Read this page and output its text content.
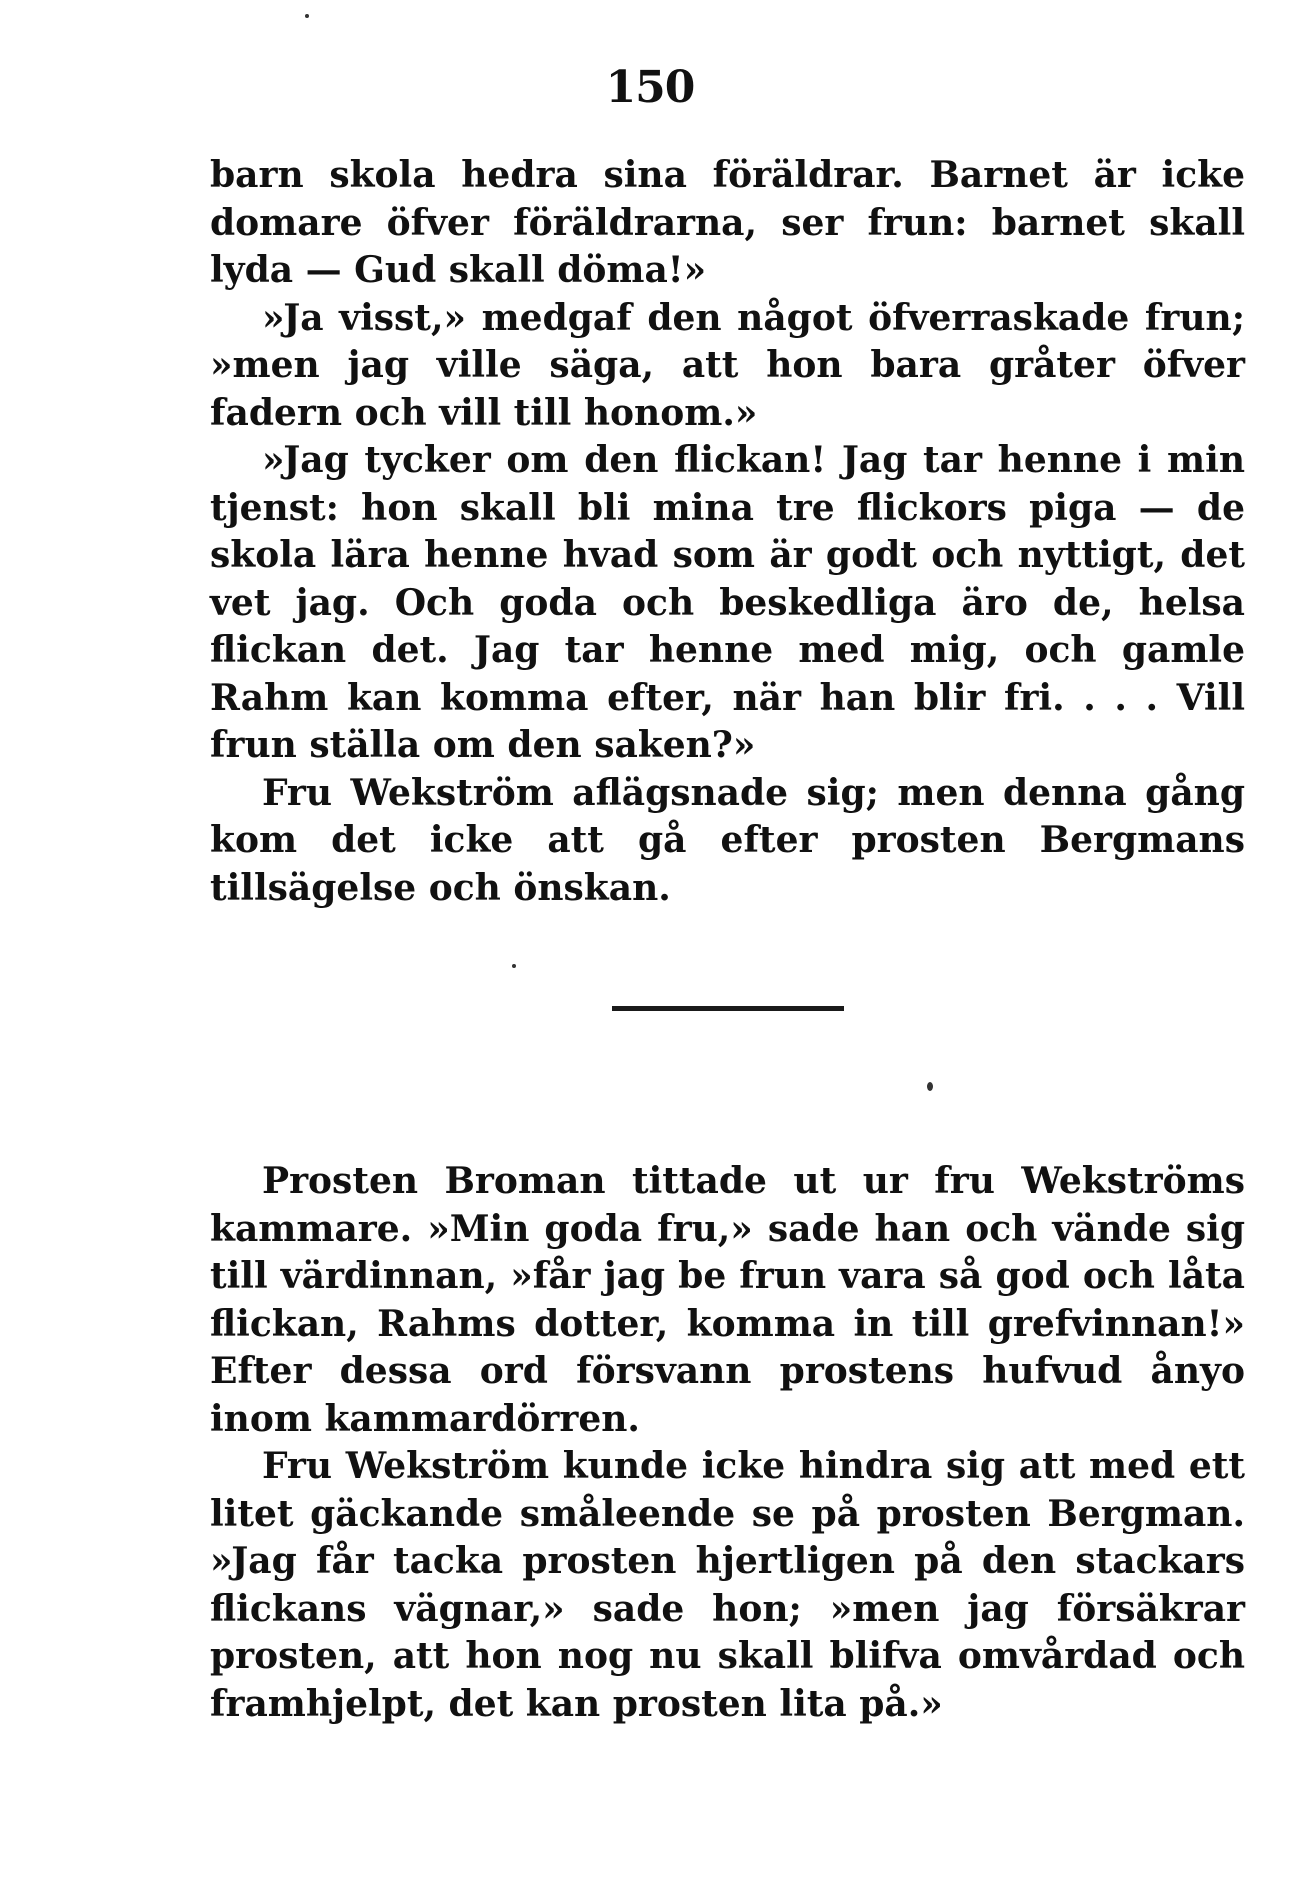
150

barn skola hedra sina föräldrar. Barnet är icke domare öfver föräldrarna, ser frun: barnet skall lyda — Gud skall döma!»

»Ja visst,» medgaf den något öfverraskade frun; »men jag ville säga, att hon bara gråter öfver fadern och vill till honom.»

»Jag tycker om den flickan! Jag tar henne i min tjenst: hon skall bli mina tre flickors piga — de skola lära henne hvad som är godt och nyttigt, det vet jag. Och goda och beskedliga äro de, helsa flickan det. Jag tar henne med mig, och gamle Rahm kan komma efter, när han blir fri. . . . Vill frun ställa om den saken?»

Fru Wekström aflägsnade sig; men denna gång kom det icke att gå efter prosten Bergmans tillsägelse och önskan.

Prosten Broman tittade ut ur fru Wekströms kammare. »Min goda fru,» sade han och vände sig till värdinnan, »får jag be frun vara så god och låta flickan, Rahms dotter, komma in till grefvinnan!» Efter dessa ord försvann prostens hufvud ånyo inom kammardörren.

Fru Wekström kunde icke hindra sig att med ett litet gäckande småleende se på prosten Bergman. »Jag får tacka prosten hjertligen på den stackars flickans vägnar,» sade hon; »men jag försäkrar prosten, att hon nog nu skall blifva omvårdad och framhjelpt, det kan prosten lita på.»
